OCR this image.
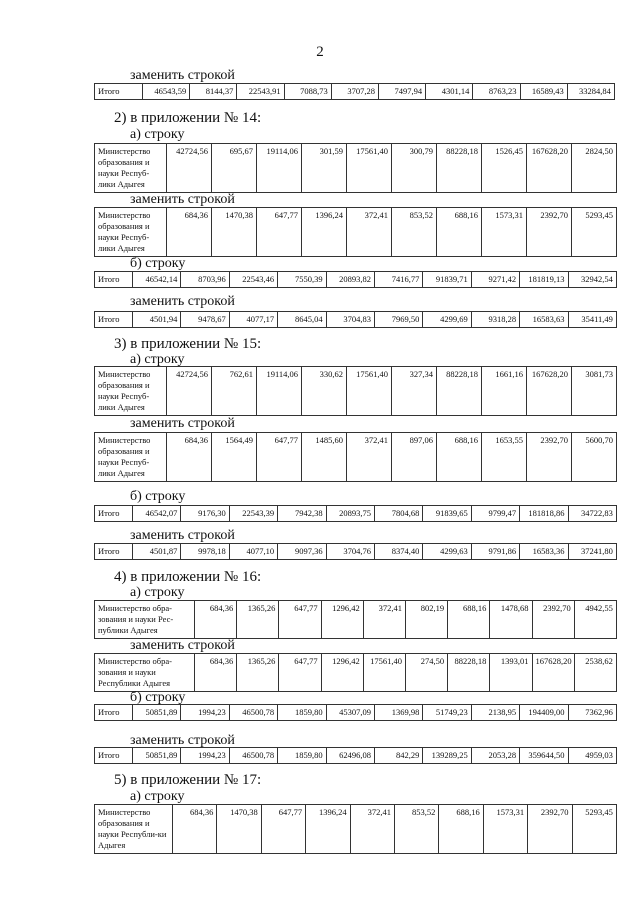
2
заменить строкой
Итого	46543,59	8144,37	22543,91	7088,73	3707,28	7497,94	4301,14	8763,23	16589,43	33284,84
2) в приложении № 14:
а) строку
Министерство образования и науки Респуб-лики Адыгея	42724,56	695,67	19114,06	301,59	17561,40	300,79	88228,18	1526,45	167628,20	2824,50
заменить строкой
Министерство образования и науки Респуб-лики Адыгея	684,36	1470,38	647,77	1396,24	372,41	853,52	688,16	1573,31	2392,70	5293,45
б) строку
Итого	46542,14	8703,96	22543,46	7550,39	20893,82	7416,77	91839,71	9271,42	181819,13	32942,54
заменить строкой
Итого	4501,94	9478,67	4077,17	8645,04	3704,83	7969,50	4299,69	9318,28	16583,63	35411,49
3) в приложении № 15:
а) строку
Министерство образования и науки Респуб-лики Адыгея	42724,56	762,61	19114,06	330,62	17561,40	327,34	88228,18	1661,16	167628,20	3081,73
заменить строкой
Министерство образования и науки Респуб-лики Адыгея	684,36	1564,49	647,77	1485,60	372,41	897,06	688,16	1653,55	2392,70	5600,70
б) строку
Итого	46542,07	9176,30	22543,39	7942,38	20893,75	7804,68	91839,65	9799,47	181818,86	34722,83
заменить строкой
Итого	4501,87	9978,18	4077,10	9097,36	3704,76	8374,40	4299,63	9791,86	16583,36	37241,80
4) в приложении № 16:
а) строку
Министерство обра-зования и науки Рес-публики Адыгея	684,36	1365,26	647,77	1296,42	372,41	802,19	688,16	1478,68	2392,70	4942,55
заменить строкой
Министерство обра-зования и науки Республики Адыгея	684,36	1365,26	647,77	1296,42	17561,40	274,50	88228,18	1393,01	167628,20	2538,62
б) строку
Итого	50851,89	1994,23	46500,78	1859,80	45307,09	1369,98	51749,23	2138,95	194409,00	7362,96
заменить строкой
Итого	50851,89	1994,23	46500,78	1859,80	62496,08	842,29	139289,25	2053,28	359644,50	4959,03
5) в приложении № 17:
а) строку
Министерство образования и науки Республи-ки Адыгея	684,36	1470,38	647,77	1396,24	372,41	853,52	688,16	1573,31	2392,70	5293,45
